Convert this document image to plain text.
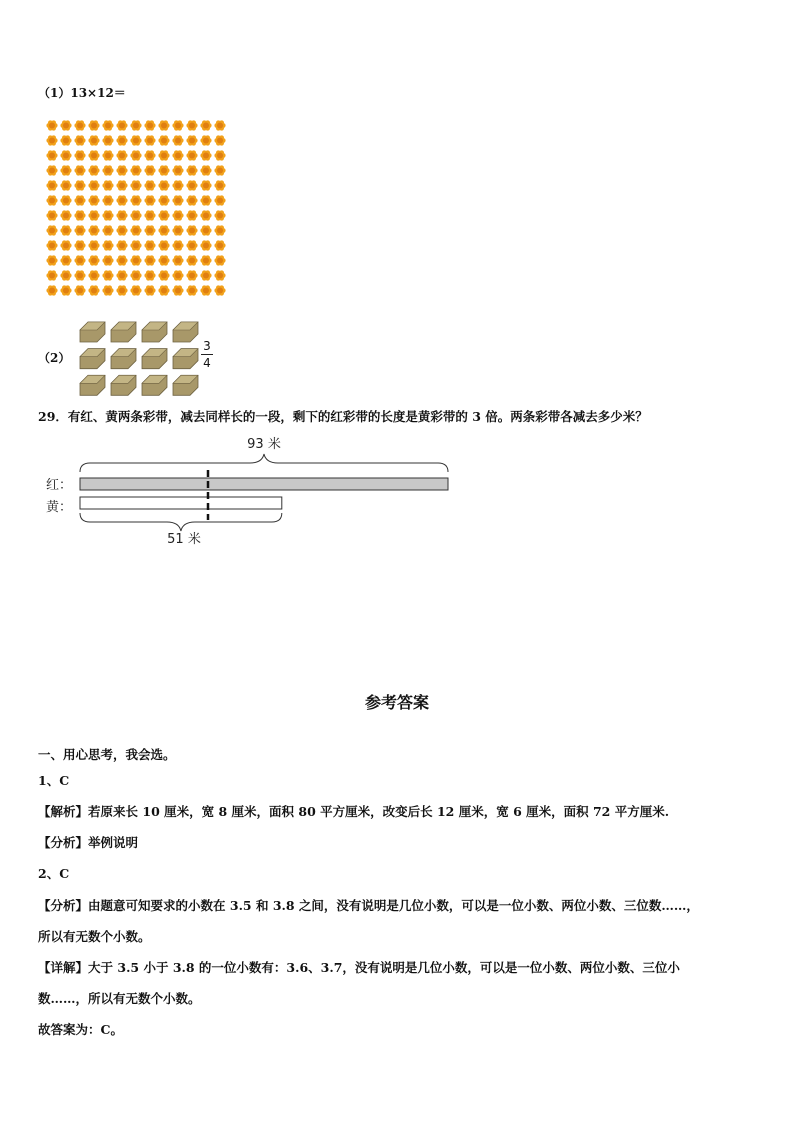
（1）13×12＝
（2）
3
4
29．有红、黄两条彩带，减去同样长的一段，剩下的红彩带的长度是黄彩带的 3 倍。两条彩带各减去多少米？
93 米
红：
黄：
51 米
参考答案
一、用心思考，我会选。
1、C
【解析】若原来长 10 厘米，宽 8 厘米，面积 80 平方厘米，改变后长 12 厘米，宽 6 厘米，面积 72 平方厘米.
【分析】举例说明
2、C
【分析】由题意可知要求的小数在 3.5 和 3.8 之间，没有说明是几位小数，可以是一位小数、两位小数、三位数……，
所以有无数个小数。
【详解】大于 3.5 小于 3.8 的一位小数有：3.6、3.7，没有说明是几位小数，可以是一位小数、两位小数、三位小
数……，所以有无数个小数。
故答案为：C。
